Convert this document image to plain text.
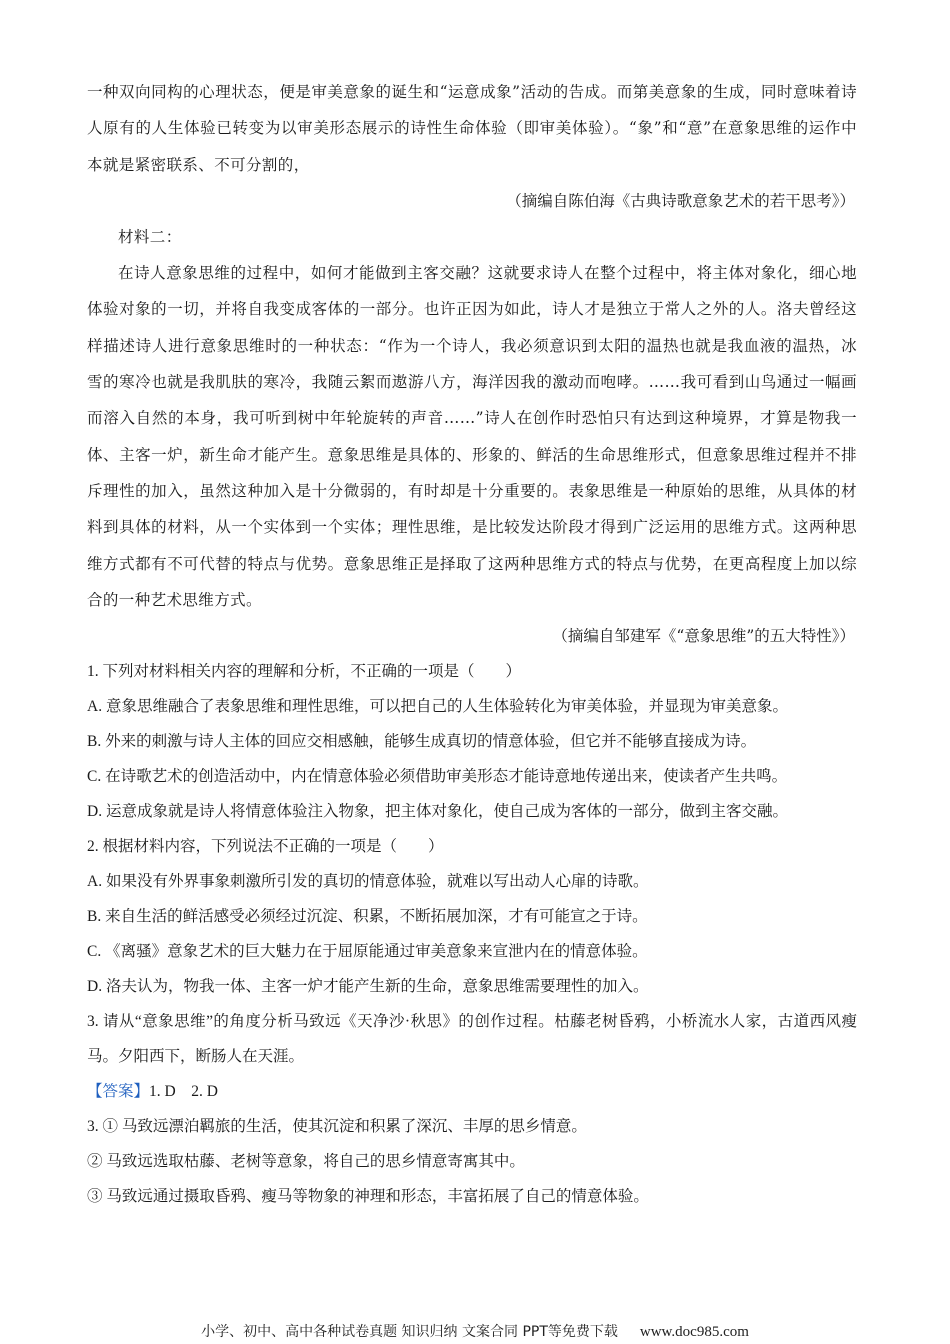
一种双向同构的心理状态，便是审美意象的诞生和“运意成象”活动的告成。而第美意象的生成，同时意味着诗人原有的人生体验已转变为以审美形态展示的诗性生命体验（即审美体验）。“象”和“意”在意象思维的运作中本就是紧密联系、不可分割的，

（摘编自陈伯海《古典诗歌意象艺术的若干思考》）

材料二：

在诗人意象思维的过程中，如何才能做到主客交融？这就要求诗人在整个过程中，将主体对象化，细心地体验对象的一切，并将自我变成客体的一部分。也许正因为如此，诗人才是独立于常人之外的人。洛夫曾经这样描述诗人进行意象思维时的一种状态：“作为一个诗人，我必须意识到太阳的温热也就是我血液的温热，冰雪的寒冷也就是我肌肤的寒冷，我随云絮而遨游八方，海洋因我的激动而咆哮。……我可看到山鸟通过一幅画而溶入自然的本身，我可听到树中年轮旋转的声音……”诗人在创作时恐怕只有达到这种境界，才算是物我一体、主客一炉，新生命才能产生。意象思维是具体的、形象的、鲜活的生命思维形式，但意象思维过程并不排斥理性的加入，虽然这种加入是十分微弱的，有时却是十分重要的。表象思维是一种原始的思维，从具体的材料到具体的材料，从一个实体到一个实体；理性思维，是比较发达阶段才得到广泛运用的思维方式。这两种思维方式都有不可代替的特点与优势。意象思维正是择取了这两种思维方式的特点与优势，在更高程度上加以综合的一种艺术思维方式。

（摘编自邹建军《“意象思维”的五大特性》）

1. 下列对材料相关内容的理解和分析，不正确的一项是（　　）

A. 意象思维融合了表象思维和理性思维，可以把自己的人生体验转化为审美体验，并显现为审美意象。

B. 外来的刺激与诗人主体的回应交相感触，能够生成真切的情意体验，但它并不能够直接成为诗。

C. 在诗歌艺术的创造活动中，内在情意体验必须借助审美形态才能诗意地传递出来，使读者产生共鸣。

D. 运意成象就是诗人将情意体验注入物象，把主体对象化，使自己成为客体的一部分，做到主客交融。

2. 根据材料内容，下列说法不正确的一项是（　　）

A. 如果没有外界事象刺激所引发的真切的情意体验，就难以写出动人心扉的诗歌。

B. 来自生活的鲜活感受必须经过沉淀、积累，不断拓展加深，才有可能宣之于诗。

C. 《离骚》意象艺术的巨大魅力在于屈原能通过审美意象来宣泄内在的情意体验。

D. 洛夫认为，物我一体、主客一炉才能产生新的生命，意象思维需要理性的加入。

3. 请从“意象思维”的角度分析马致远《天净沙·秋思》的创作过程。枯藤老树昏鸦，小桥流水人家，古道西风瘦马。夕阳西下，断肠人在天涯。

【答案】1. D　2. D

3. ① 马致远漂泊羁旅的生活，使其沉淀和积累了深沉、丰厚的思乡情意。

② 马致远选取枯藤、老树等意象，将自己的思乡情意寄寓其中。

③ 马致远通过摄取昏鸦、瘦马等物象的神理和形态，丰富拓展了自己的情意体验。

小学、初中、高中各种试卷真题 知识归纳 文案合同 PPT等免费下载 www.doc985.com
